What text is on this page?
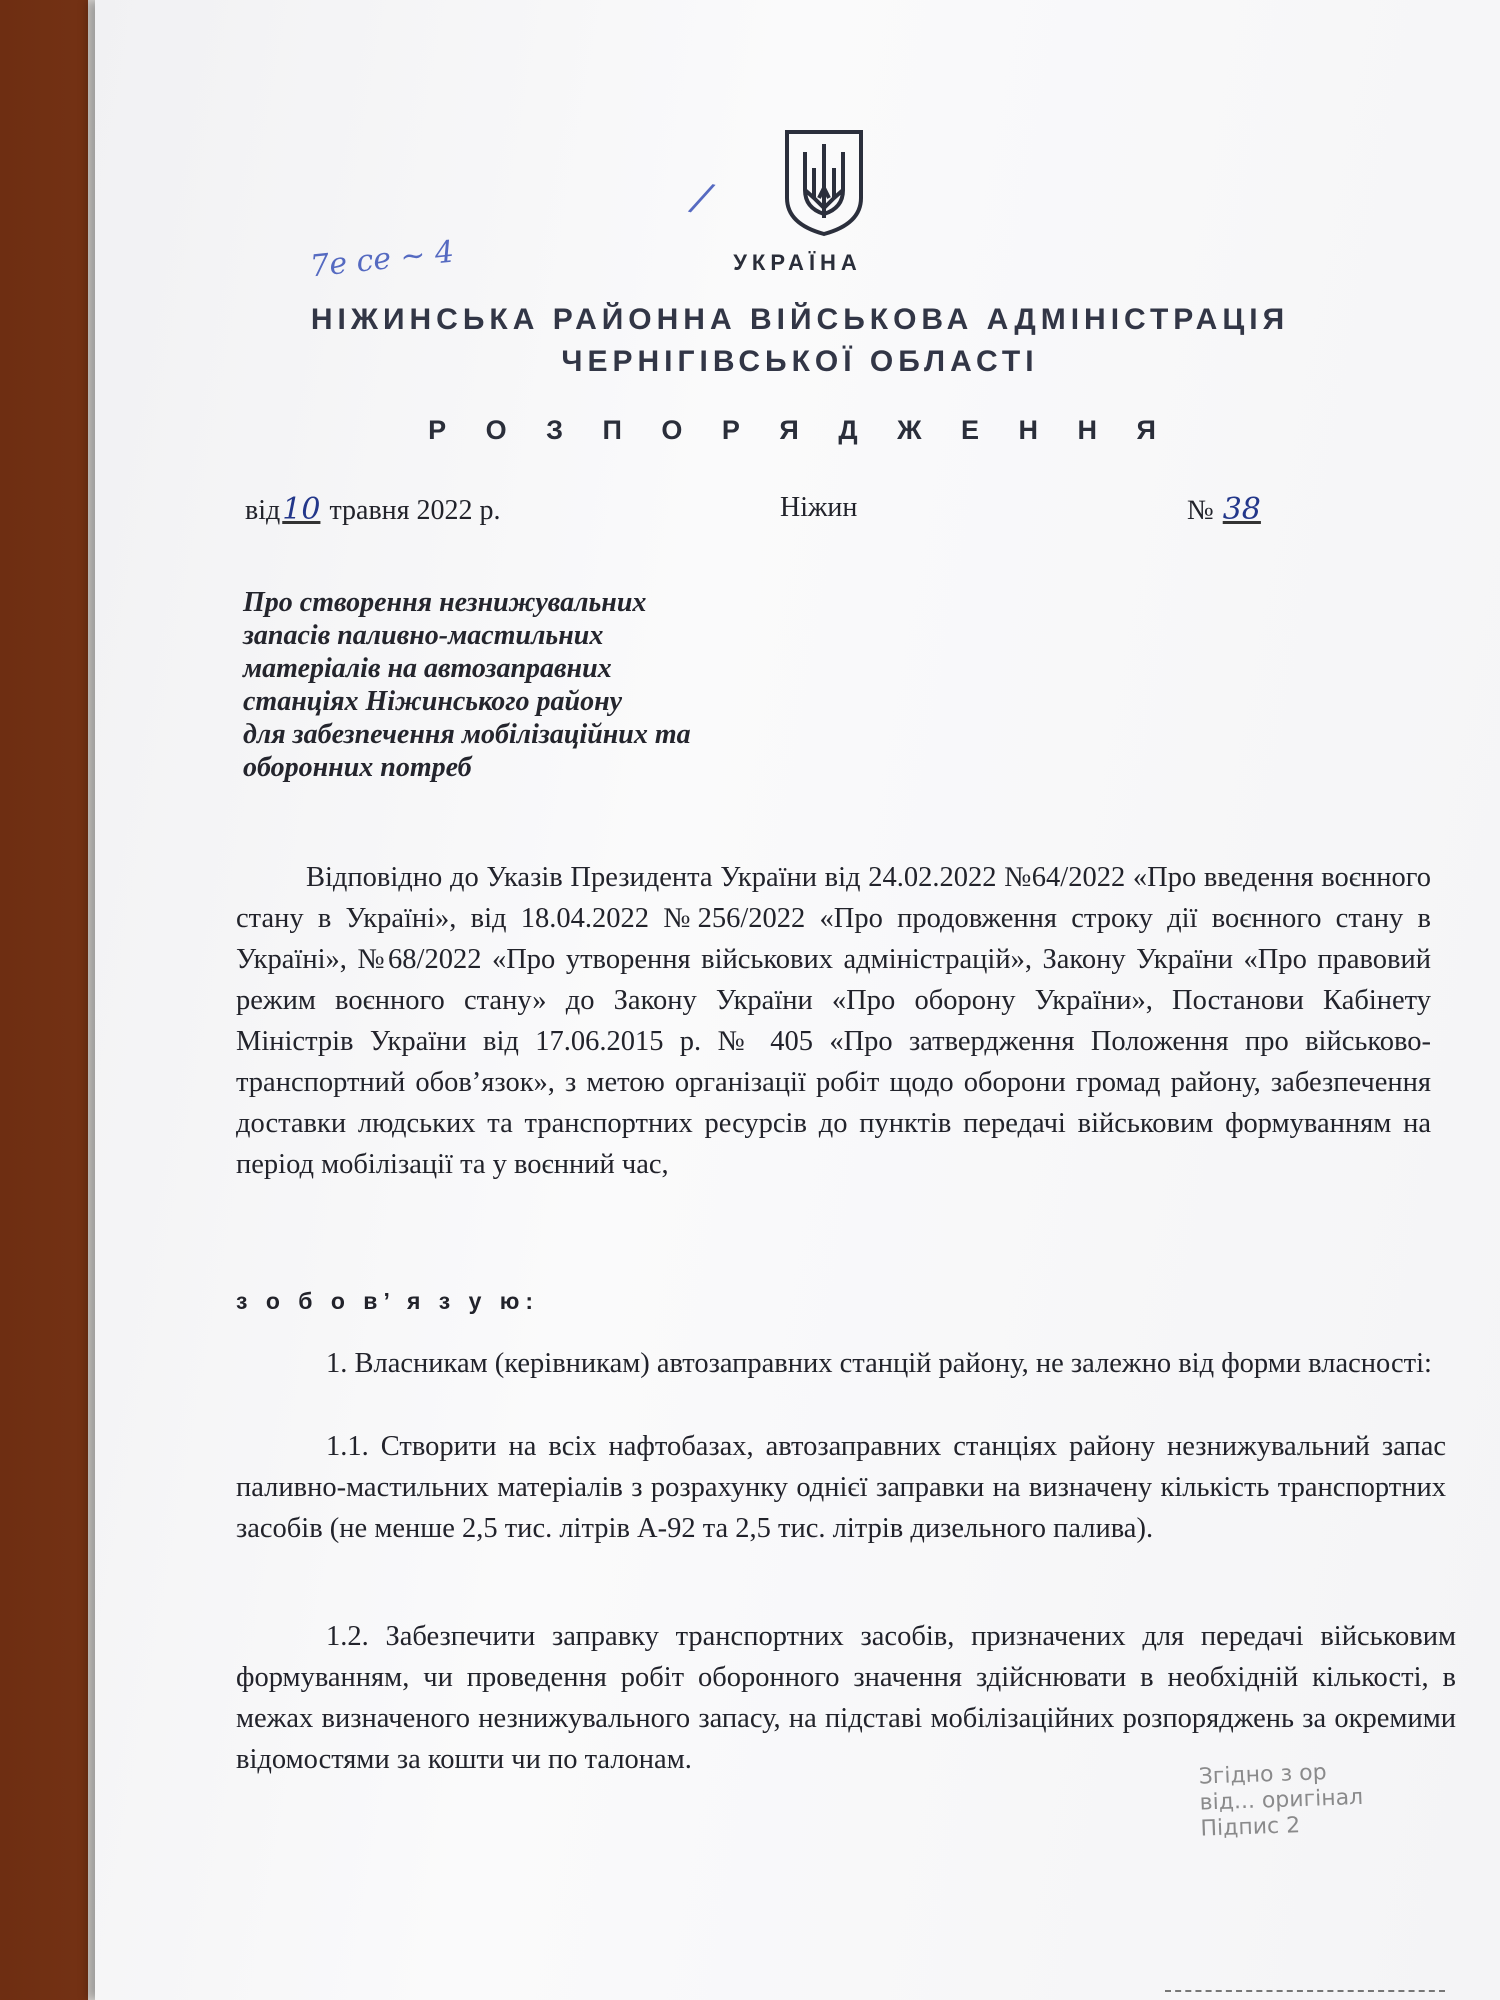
7e ce ~ 4
/
УКРАЇНА
НІЖИНСЬКА РАЙОННА ВІЙСЬКОВА АДМІНІСТРАЦІЯ
ЧЕРНІГІВСЬКОЇ ОБЛАСТІ
Р О З П О Р Я Д Ж Е Н Н Я
від10 травня 2022 р.	Ніжин	№ 38
Про створення незнижувальних
запасів паливно-мастильних
матеріалів на автозаправних
станціях Ніжинського району
для забезпечення мобілізаційних та
оборонних потреб
Відповідно до Указів Президента України від 24.02.2022 №64/2022 «Про введення воєнного стану в Україні», від 18.04.2022 №256/2022 «Про продовження строку дії воєнного стану в Україні», №68/2022 «Про утворення військових адміністрацій», Закону України «Про правовий режим воєнного стану» до Закону України «Про оборону України», Постанови Кабінету Міністрів України від 17.06.2015 р. № 405 «Про затвердження Положення про військово-транспортний обов’язок», з метою організації робіт щодо оборони громад району, забезпечення доставки людських та транспортних ресурсів до пунктів передачі військовим формуванням на період мобілізації та у воєнний час,
з о б о в’ я з у ю:
1. Власникам (керівникам) автозаправних станцій району, не залежно від форми власності:
1.1. Створити на всіх нафтобазах, автозаправних станціях району незнижувальний запас паливно-мастильних матеріалів з розрахунку однієї заправки на визначену кількість транспортних засобів (не менше 2,5 тис. літрів А-92 та 2,5 тис. літрів дизельного палива).
1.2. Забезпечити заправку транспортних засобів, призначених для передачі військовим формуванням, чи проведення робіт оборонного значення здійснювати в необхідній кількості, в межах визначеного незнижувального запасу, на підставі мобілізаційних розпоряджень за окремими відомостями за кошти чи по талонам.	Згідно з ор
від... оригінал
Підпис 2
